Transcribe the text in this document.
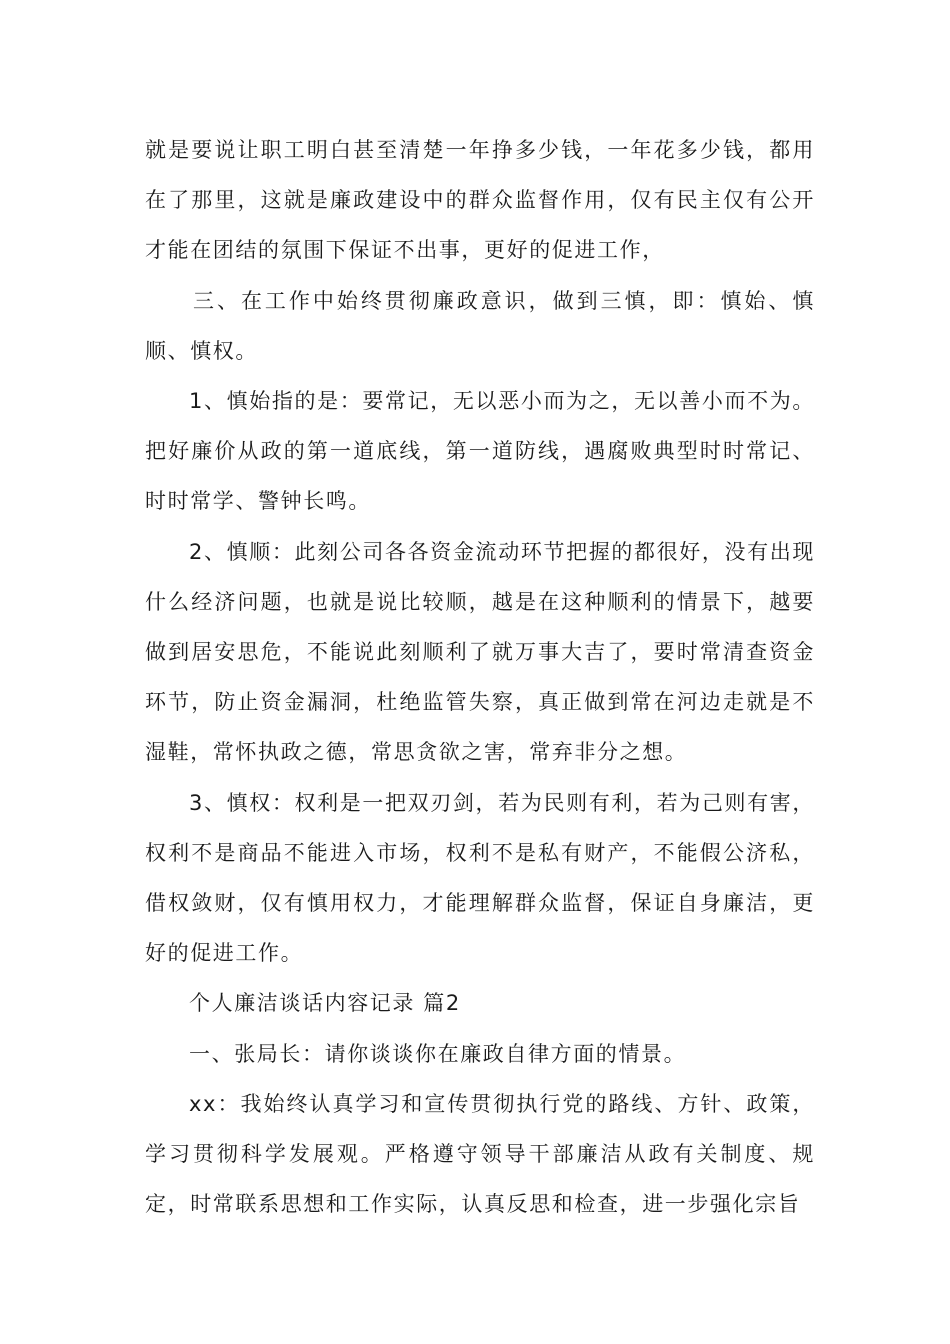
就是要说让职工明白甚至清楚一年挣多少钱，一年花多少钱，都用在了那里，这就是廉政建设中的群众监督作用，仅有民主仅有公开才能在团结的氛围下保证不出事，更好的促进工作，

三、在工作中始终贯彻廉政意识，做到三慎，即：慎始、慎顺、慎权。

1、慎始指的是：要常记，无以恶小而为之，无以善小而不为。把好廉价从政的第一道底线，第一道防线，遇腐败典型时时常记、时时常学、警钟长鸣。

2、慎顺：此刻公司各各资金流动环节把握的都很好，没有出现什么经济问题，也就是说比较顺，越是在这种顺利的情景下，越要做到居安思危，不能说此刻顺利了就万事大吉了，要时常清查资金环节，防止资金漏洞，杜绝监管失察，真正做到常在河边走就是不湿鞋，常怀执政之德，常思贪欲之害，常弃非分之想。

3、慎权：权利是一把双刃剑，若为民则有利，若为己则有害，权利不是商品不能进入市场，权利不是私有财产，不能假公济私，借权敛财，仅有慎用权力，才能理解群众监督，保证自身廉洁，更好的促进工作。

个人廉洁谈话内容记录 篇2

一、张局长：请你谈谈你在廉政自律方面的情景。

xx：我始终认真学习和宣传贯彻执行党的路线、方针、政策，学习贯彻科学发展观。严格遵守领导干部廉洁从政有关制度、规定，时常联系思想和工作实际，认真反思和检查，进一步强化宗旨
